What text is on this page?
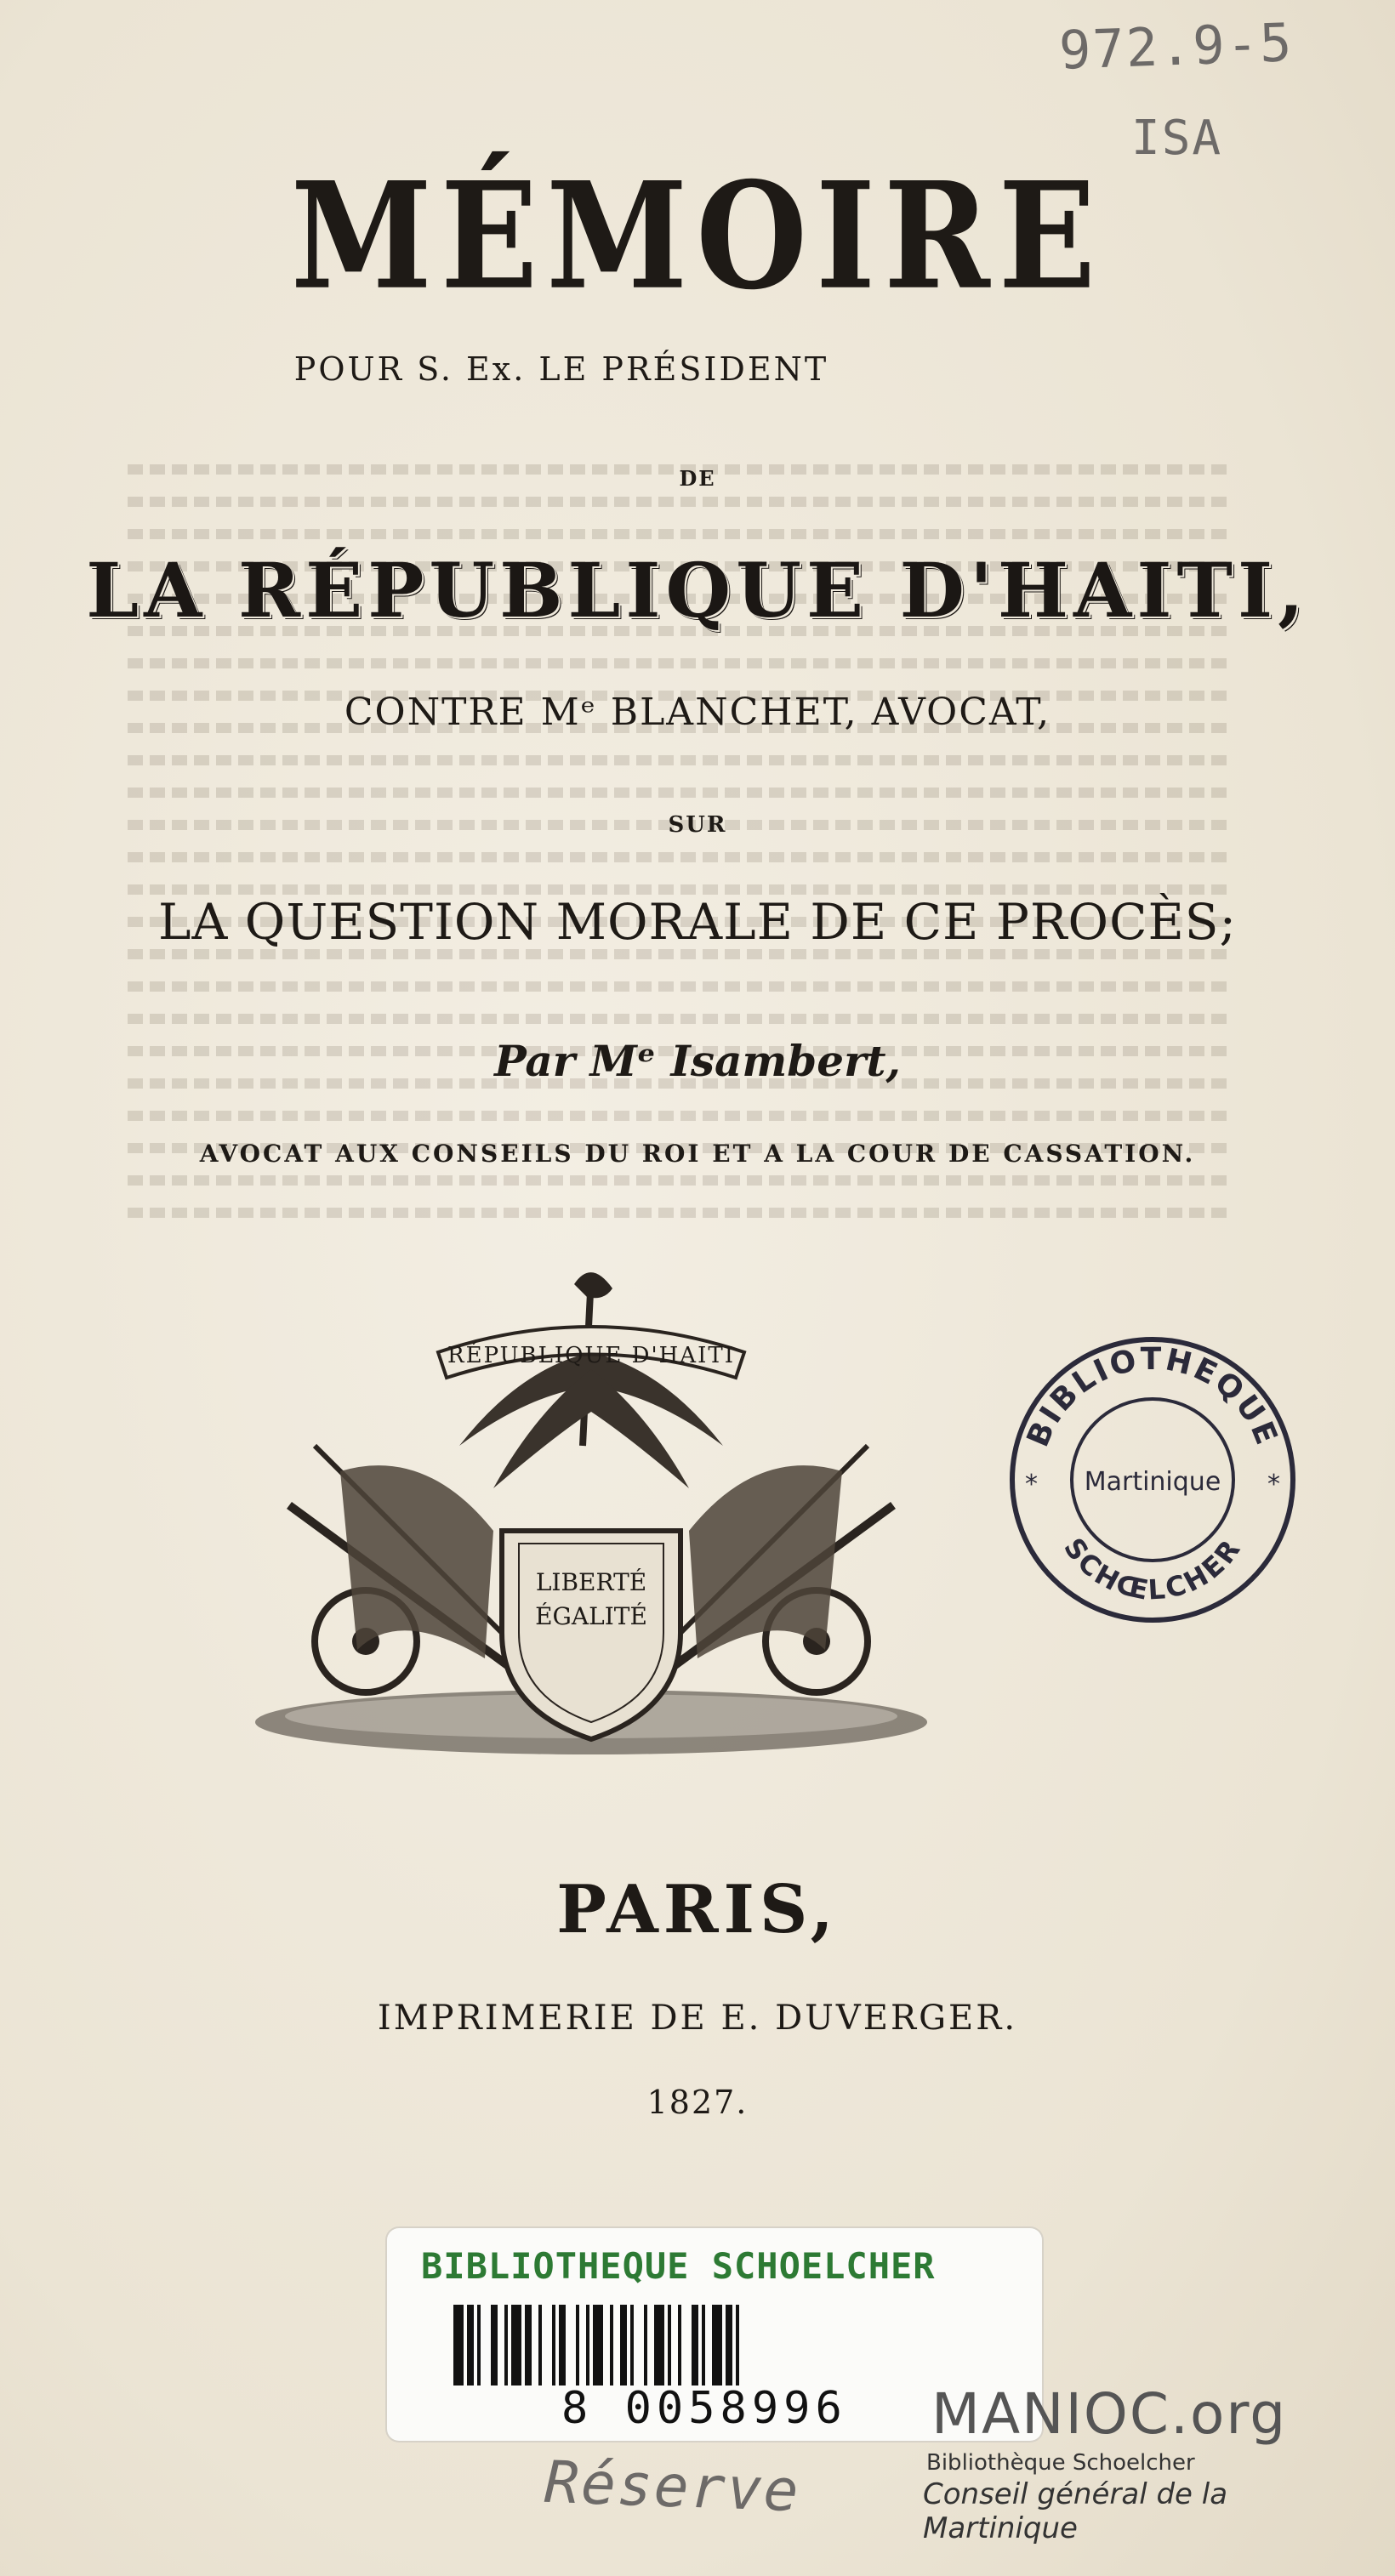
972.9-5
ISA
MÉMOIRE
POUR S. Ex. LE PRÉSIDENT
DE
LA RÉPUBLIQUE D'HAITI,
CONTRE Mᵉ BLANCHET, AVOCAT,
SUR
LA QUESTION MORALE DE CE PROCÈS;
Par Mᵉ Isambert,
AVOCAT AUX CONSEILS DU ROI ET A LA COUR DE CASSATION.
RÉPUBLIQUE D'HAITI
LIBERTÉ
ÉGALITÉ
BIBLIOTHEQUE
SCHŒLCHER
Martinique
*	*
PARIS,
IMPRIMERIE DE E. DUVERGER.
1827.
BIBLIOTHEQUE SCHOELCHER
8 0058996 MANIOC.org
Bibliothèque Schoelcher
Conseil général de la Martinique
Réserve
